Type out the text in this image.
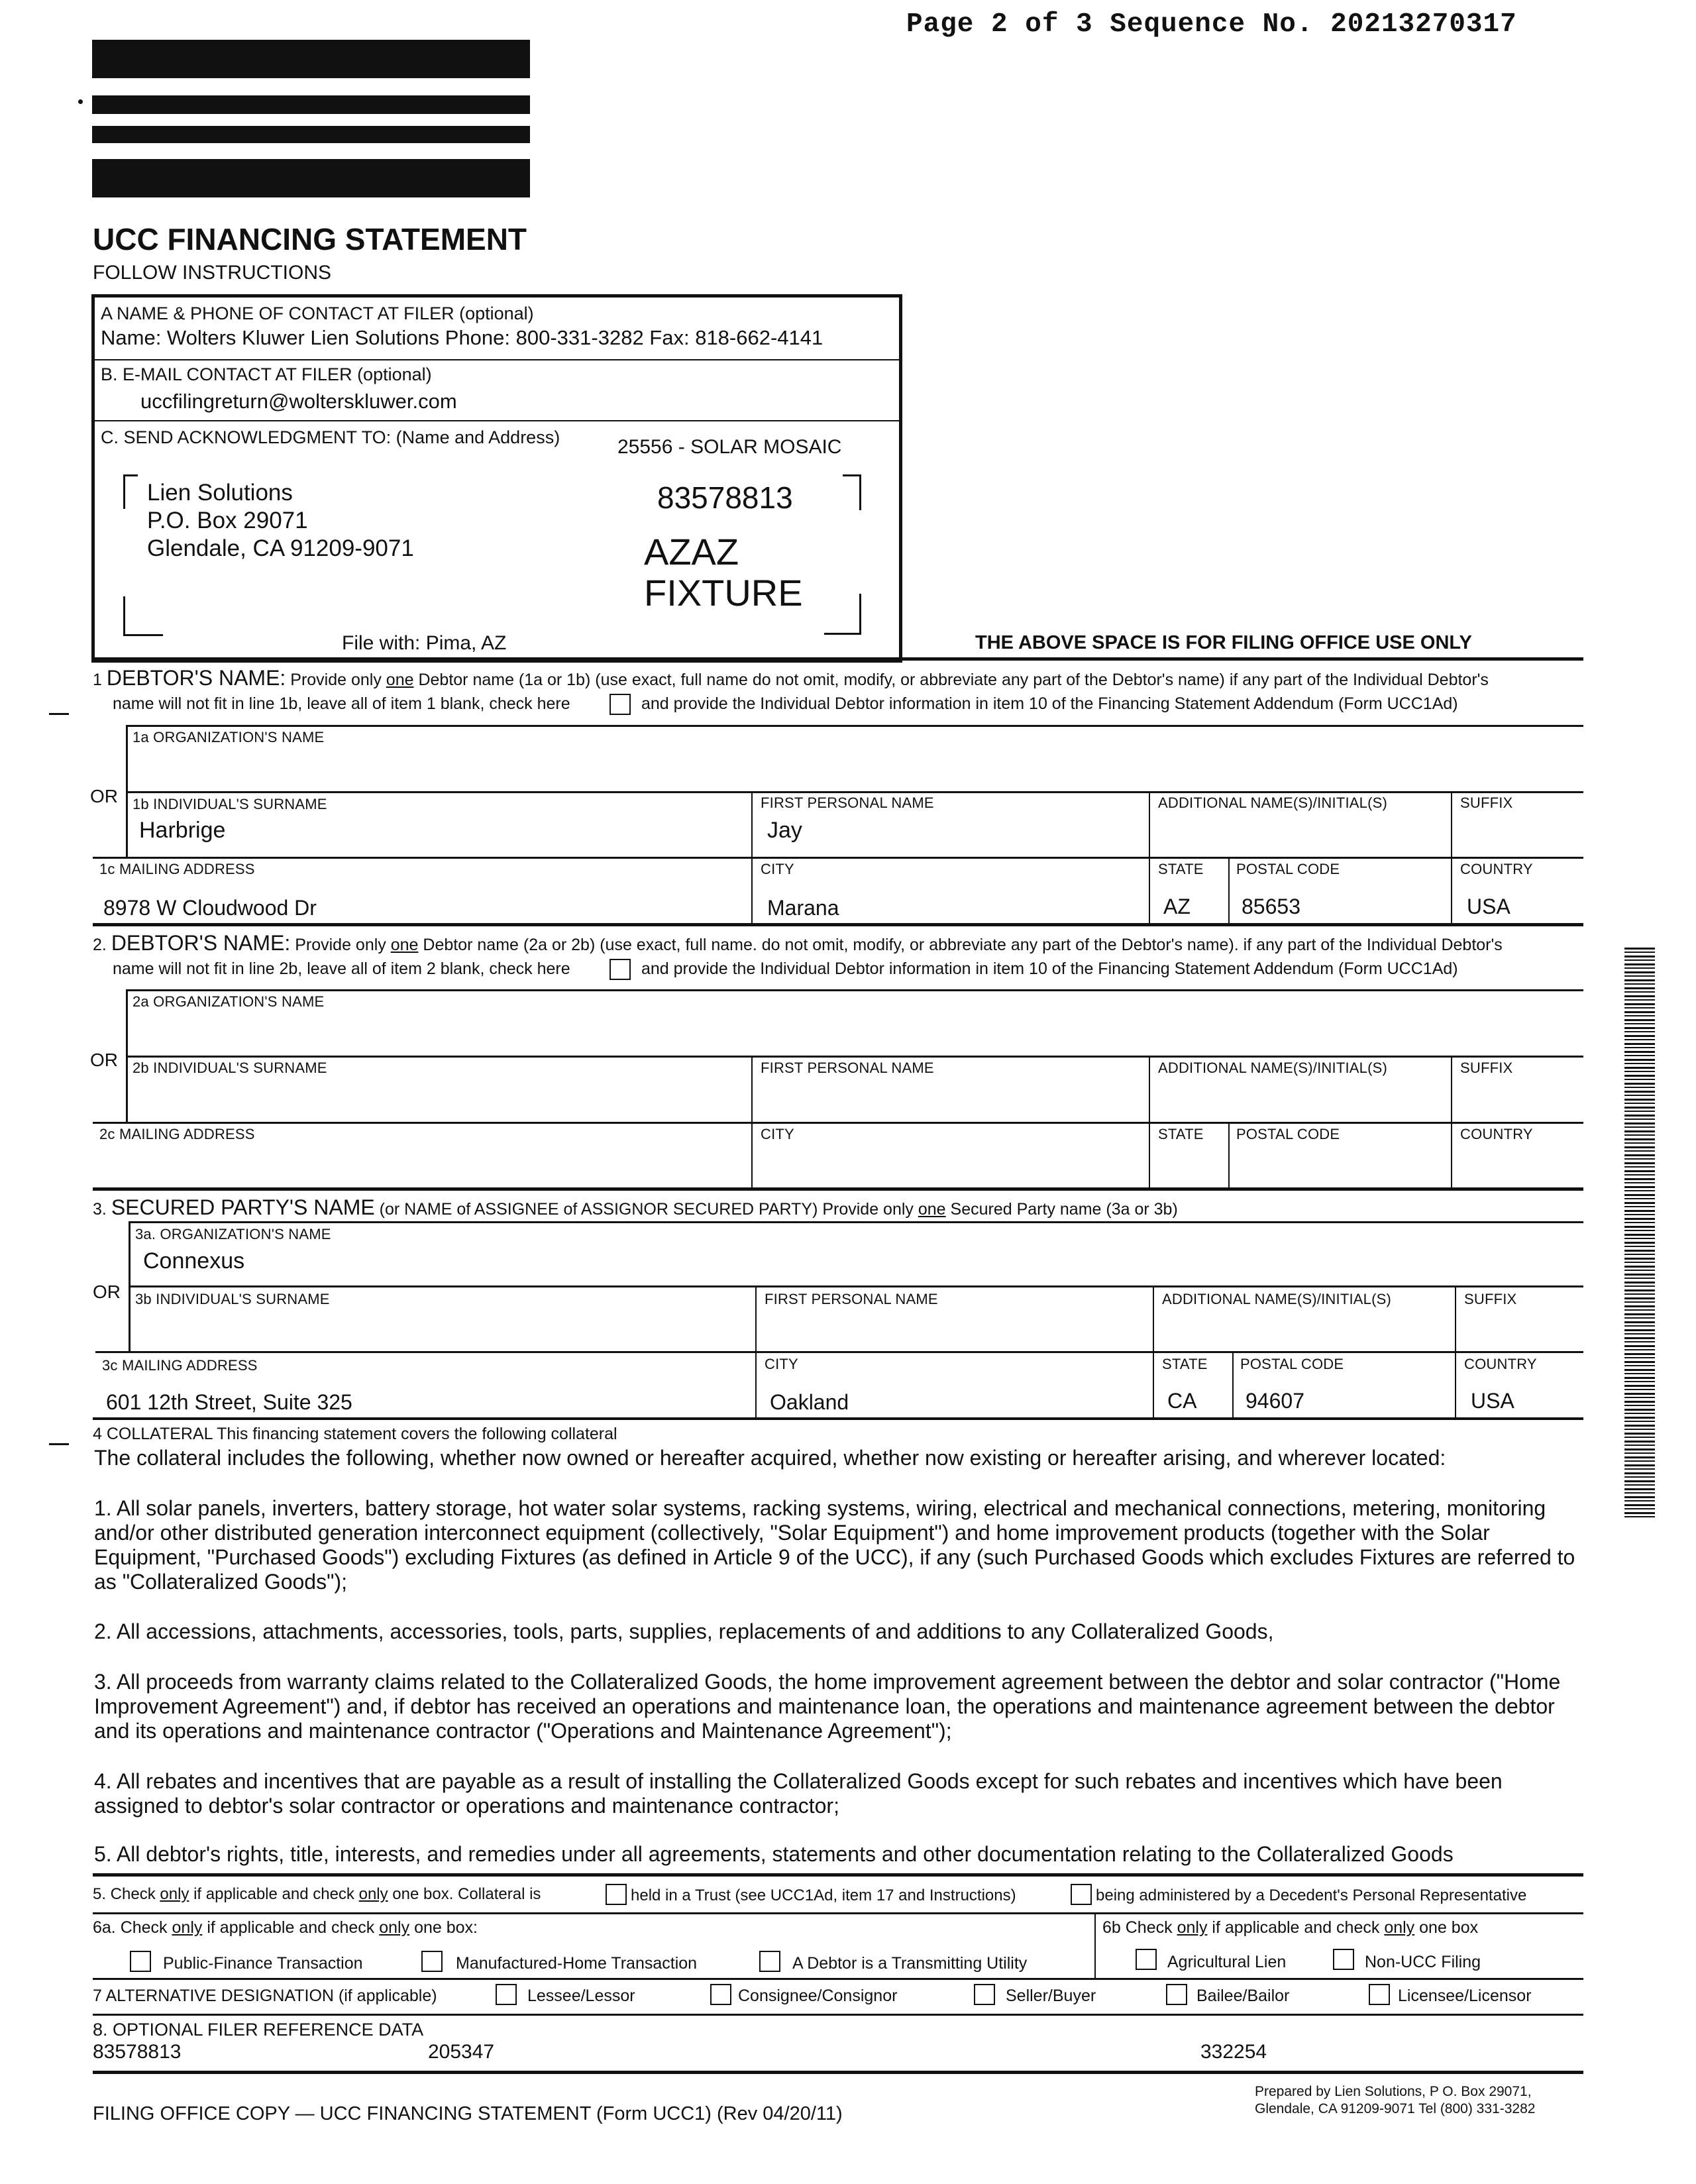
Page 2 of 3 Sequence No. 20213270317
UCC FINANCING STATEMENT
FOLLOW INSTRUCTIONS
A NAME & PHONE OF CONTACT AT FILER (optional)
Name: Wolters Kluwer Lien Solutions Phone: 800-331-3282 Fax: 818-662-4141
B. E-MAIL CONTACT AT FILER (optional)
uccfilingreturn@wolterskluwer.com
C. SEND ACKNOWLEDGMENT TO: (Name and Address)	25556 - SOLAR MOSAIC
Lien Solutions
P.O. Box 29071
Glendale, CA 91209-9071
83578813
AZAZ
FIXTURE
File with: Pima, AZ	THE ABOVE SPACE IS FOR FILING OFFICE USE ONLY
1 DEBTOR'S NAME: Provide only one Debtor name (1a or 1b) (use exact, full name do not omit, modify, or abbreviate any part of the Debtor's name) if any part of the Individual Debtor's
name will not fit in line 1b, leave all of item 1 blank, check here	and provide the Individual Debtor information in item 10 of the Financing Statement Addendum (Form UCC1Ad)
1a ORGANIZATION'S NAME
OR 1b INDIVIDUAL'S SURNAME	FIRST PERSONAL NAME	ADDITIONAL NAME(S)/INITIAL(S)	SUFFIX
Harbrige	Jay
1c MAILING ADDRESS	CITY	STATE POSTAL CODE	COUNTRY
8978 W Cloudwood Dr	Marana	AZ 85653	USA
2. DEBTOR'S NAME: Provide only one Debtor name (2a or 2b) (use exact, full name. do not omit, modify, or abbreviate any part of the Debtor's name). if any part of the Individual Debtor's
name will not fit in line 2b, leave all of item 2 blank, check here	and provide the Individual Debtor information in item 10 of the Financing Statement Addendum (Form UCC1Ad)
2a ORGANIZATION'S NAME
OR 2b INDIVIDUAL'S SURNAME	FIRST PERSONAL NAME	ADDITIONAL NAME(S)/INITIAL(S)	SUFFIX
2c MAILING ADDRESS	CITY	STATE POSTAL CODE	COUNTRY
3. SECURED PARTY'S NAME (or NAME of ASSIGNEE of ASSIGNOR SECURED PARTY) Provide only one Secured Party name (3a or 3b)
3a. ORGANIZATION'S NAME
Connexus
OR 3b INDIVIDUAL'S SURNAME	FIRST PERSONAL NAME	ADDITIONAL NAME(S)/INITIAL(S)	SUFFIX
3c MAILING ADDRESS	CITY	STATE POSTAL CODE	COUNTRY
601 12th Street, Suite 325	Oakland	CA 94607	USA
4 COLLATERAL This financing statement covers the following collateral
The collateral includes the following, whether now owned or hereafter acquired, whether now existing or hereafter arising, and wherever located:
1. All solar panels, inverters, battery storage, hot water solar systems, racking systems, wiring, electrical and mechanical connections, metering, monitoring and/or other distributed generation interconnect equipment (collectively, "Solar Equipment") and home improvement products (together with the Solar Equipment, "Purchased Goods") excluding Fixtures (as defined in Article 9 of the UCC), if any (such Purchased Goods which excludes Fixtures are referred to as "Collateralized Goods");
2. All accessions, attachments, accessories, tools, parts, supplies, replacements of and additions to any Collateralized Goods,
3. All proceeds from warranty claims related to the Collateralized Goods, the home improvement agreement between the debtor and solar contractor ("Home Improvement Agreement") and, if debtor has received an operations and maintenance loan, the operations and maintenance agreement between the debtor and its operations and maintenance contractor ("Operations and Maintenance Agreement");
4. All rebates and incentives that are payable as a result of installing the Collateralized Goods except for such rebates and incentives which have been assigned to debtor's solar contractor or operations and maintenance contractor;
5. All debtor's rights, title, interests, and remedies under all agreements, statements and other documentation relating to the Collateralized Goods
5. Check only if applicable and check only one box. Collateral is	held in a Trust (see UCC1Ad, item 17 and Instructions)	being administered by a Decedent's Personal Representative
6a. Check only if applicable and check only one box:
Public-Finance Transaction	Manufactured-Home Transaction	A Debtor is a Transmitting Utility
6b Check only if applicable and check only one box
Agricultural Lien	Non-UCC Filing
7 ALTERNATIVE DESIGNATION (if applicable)	Lessee/Lessor	Consignee/Consignor	Seller/Buyer	Bailee/Bailor	Licensee/Licensor
8. OPTIONAL FILER REFERENCE DATA
83578813	205347	332254
FILING OFFICE COPY — UCC FINANCING STATEMENT (Form UCC1) (Rev 04/20/11)
Prepared by Lien Solutions, P O. Box 29071,
Glendale, CA 91209-9071 Tel (800) 331-3282
